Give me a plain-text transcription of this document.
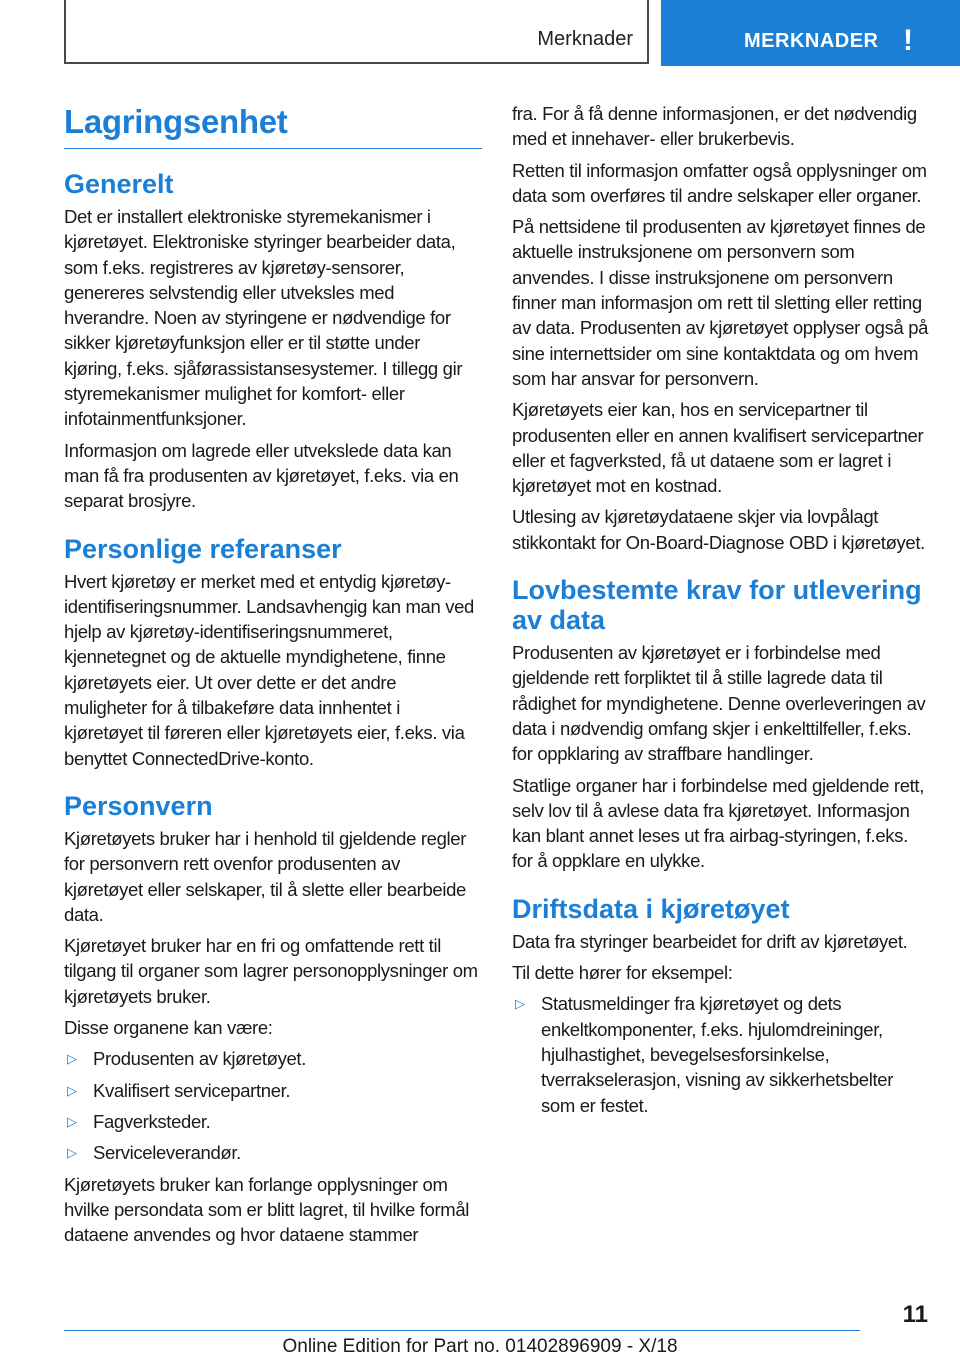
Merknader	MERKNADER !
Lagringsenhet
Generelt

Det er installert elektroniske styremekanismer i kjøretøyet. Elektroniske styringer bearbeider data, som f.eks. registreres av kjøretøy-sensorer, genereres selvstendig eller utveksles med hverandre. Noen av styringene er nødvendige for sikker kjøretøyfunksjon eller er til støtte under kjøring, f.eks. sjåførassistansesystemer. I tillegg gir styremekanismer mulighet for komfort- eller infotainmentfunksjoner.

Informasjon om lagrede eller utvekslede data kan man få fra produsenten av kjøretøyet, f.eks. via en separat brosjyre.

Personlige referanser

Hvert kjøretøy er merket med et entydig kjøretøy-identifiseringsnummer. Landsavhengig kan man ved hjelp av kjøretøy-identifiseringsnummeret, kjennetegnet og de aktuelle myndighetene, finne kjøretøyets eier. Ut over dette er det andre muligheter for å tilbakeføre data innhentet i kjøretøyet til føreren eller kjøretøyets eier, f.eks. via benyttet ConnectedDrive-konto.

Personvern

Kjøretøyets bruker har i henhold til gjeldende regler for personvern rett ovenfor produsenten av kjøretøyet eller selskaper, til å slette eller bearbeide data.

Kjøretøyet bruker har en fri og omfattende rett til tilgang til organer som lagrer personopplysninger om kjøretøyets bruker.

Disse organene kan være:

▷ Produsenten av kjøretøyet.
▷ Kvalifisert servicepartner.
▷ Fagverksteder.
▷ Serviceleverandør.

Kjøretøyets bruker kan forlange opplysninger om hvilke persondata som er blitt lagret, til hvilke formål dataene anvendes og hvor dataene stammer

fra. For å få denne informasjonen, er det nødvendig med et innehaver- eller brukerbevis.

Retten til informasjon omfatter også opplysninger om data som overføres til andre selskaper eller organer.

På nettsidene til produsenten av kjøretøyet finnes de aktuelle instruksjonene om personvern som anvendes. I disse instruksjonene om personvern finner man informasjon om rett til sletting eller retting av data. Produsenten av kjøretøyet opplyser også på sine internettsider om sine kontaktdata og om hvem som har ansvar for personvern.

Kjøretøyets eier kan, hos en servicepartner til produsenten eller en annen kvalifisert servicepartner eller et fagverksted, få ut dataene som er lagret i kjøretøyet mot en kostnad.

Utlesing av kjøretøydataene skjer via lovpålagt stikkontakt for On-Board-Diagnose OBD i kjøretøyet.

Lovbestemte krav for utlevering av data

Produsenten av kjøretøyet er i forbindelse med gjeldende rett forpliktet til å stille lagrede data til rådighet for myndighetene. Denne overleveringen av data i nødvendig omfang skjer i enkelttilfeller, f.eks. for oppklaring av straffbare handlinger.

Statlige organer har i forbindelse med gjeldende rett, selv lov til å avlese data fra kjøretøyet. Informasjon kan blant annet leses ut fra airbag-styringen, f.eks. for å oppklare en ulykke.

Driftsdata i kjøretøyet

Data fra styringer bearbeidet for drift av kjøretøyet.

Til dette hører for eksempel:

▷ Statusmeldinger fra kjøretøyet og dets enkeltkomponenter, f.eks. hjulomdreininger, hjulhastighet, bevegelsesforsinkelse, tverrakselerasjon, visning av sikkerhetsbelter som er festet.
11
Online Edition for Part no. 01402896909 - X/18
